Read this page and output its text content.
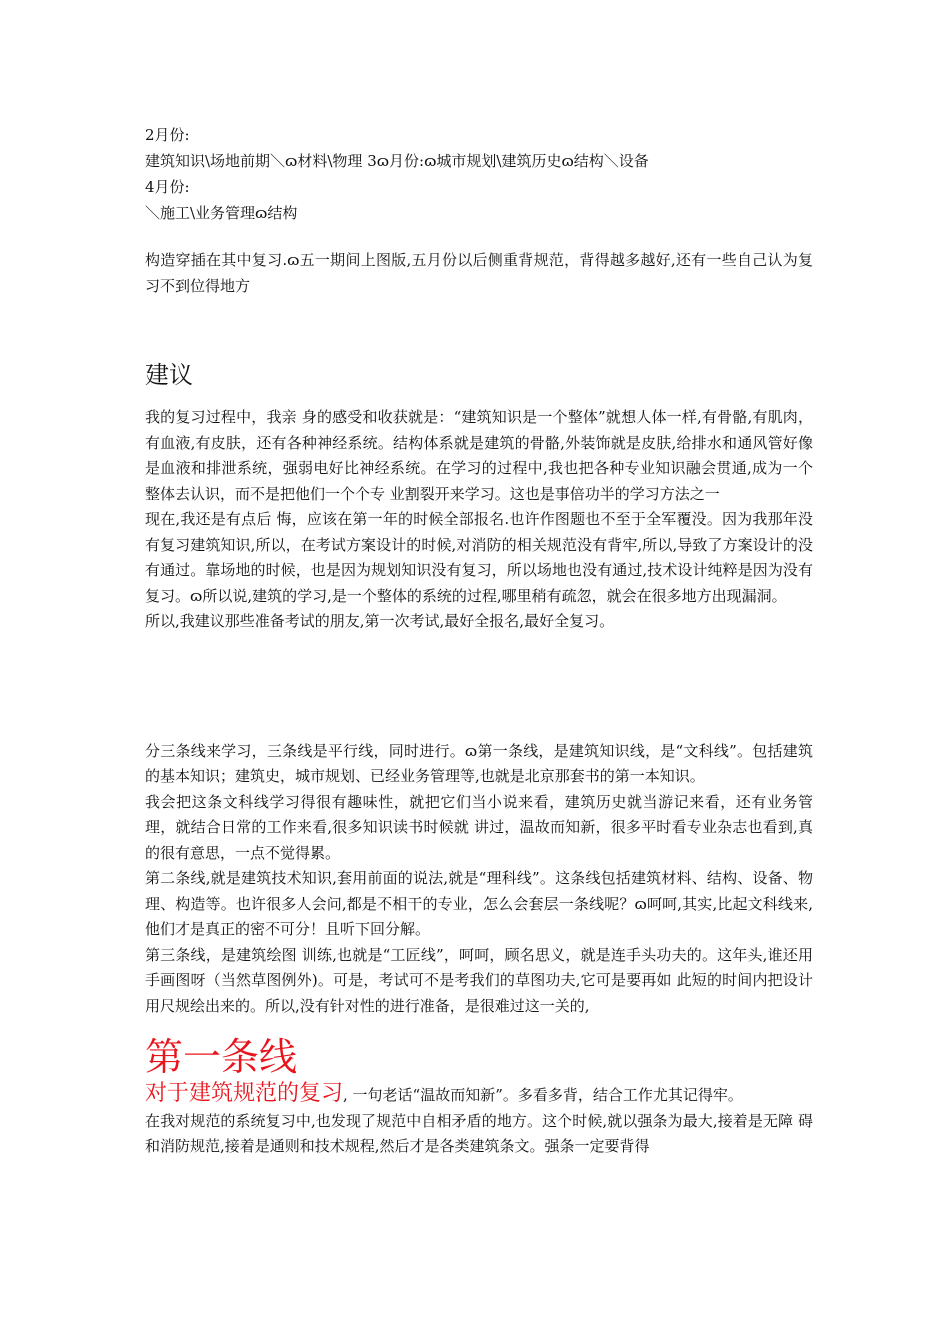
2月份:

建筑知识\场地前期＼ɷ材料\物理 3ɷ月份:ɷ城市规划\建筑历史ɷ结构＼设备

4月份:

＼施工\业务管理ɷ结构

构造穿插在其中复习.ɷ五一期间上图版,五月份以后侧重背规范，背得越多越好,还有一些自己认为复习不到位得地方

建议

我的复习过程中，我亲 身的感受和收获就是：“建筑知识是一个整体”就想人体一样,有骨骼,有肌肉，有血液,有皮肤，还有各种神经系统。结构体系就是建筑的骨骼,外装饰就是皮肤,给排水和通风管好像是血液和排泄系统，强弱电好比神经系统。在学习的过程中,我也把各种专业知识融会贯通,成为一个整体去认识，而不是把他们一个个专 业割裂开来学习。这也是事倍功半的学习方法之一

现在,我还是有点后 悔，应该在第一年的时候全部报名.也许作图题也不至于全军覆没。因为我那年没有复习建筑知识,所以，在考试方案设计的时候,对消防的相关规范没有背牢,所以,导致了方案设计的没有通过。靠场地的时候，也是因为规划知识没有复习，所以场地也没有通过,技术设计纯粹是因为没有复习。ɷ所以说,建筑的学习,是一个整体的系统的过程,哪里稍有疏忽，就会在很多地方出现漏洞。

所以,我建议那些准备考试的朋友,第一次考试,最好全报名,最好全复习。

分三条线来学习，三条线是平行线，同时进行。ɷ第一条线，是建筑知识线，是“文科线”。包括建筑的基本知识；建筑史，城市规划、已经业务管理等,也就是北京那套书的第一本知识。

我会把这条文科线学习得很有趣味性，就把它们当小说来看，建筑历史就当游记来看，还有业务管理，就结合日常的工作来看,很多知识读书时候就 讲过，温故而知新，很多平时看专业杂志也看到,真的很有意思，一点不觉得累。

第二条线,就是建筑技术知识,套用前面的说法,就是“理科线”。这条线包括建筑材料、结构、设备、物理、构造等。也许很多人会问,都是不相干的专业，怎么会套层一条线呢？ɷ呵呵,其实,比起文科线来,他们才是真正的密不可分！且听下回分解。

第三条线，是建筑绘图 训练,也就是“工匠线”，呵呵，顾名思义，就是连手头功夫的。这年头,谁还用手画图呀（当然草图例外)。可是，考试可不是考我们的草图功夫,它可是要再如 此短的时间内把设计用尺规绘出来的。所以,没有针对性的进行准备，是很难过这一关的,

第一条线

对于建筑规范的复习, 一句老话“温故而知新”。多看多背，结合工作尤其记得牢。

在我对规范的系统复习中,也发现了规范中自相矛盾的地方。这个时候,就以强条为最大,接着是无障 碍和消防规范,接着是通则和技术规程,然后才是各类建筑条文。强条一定要背得
